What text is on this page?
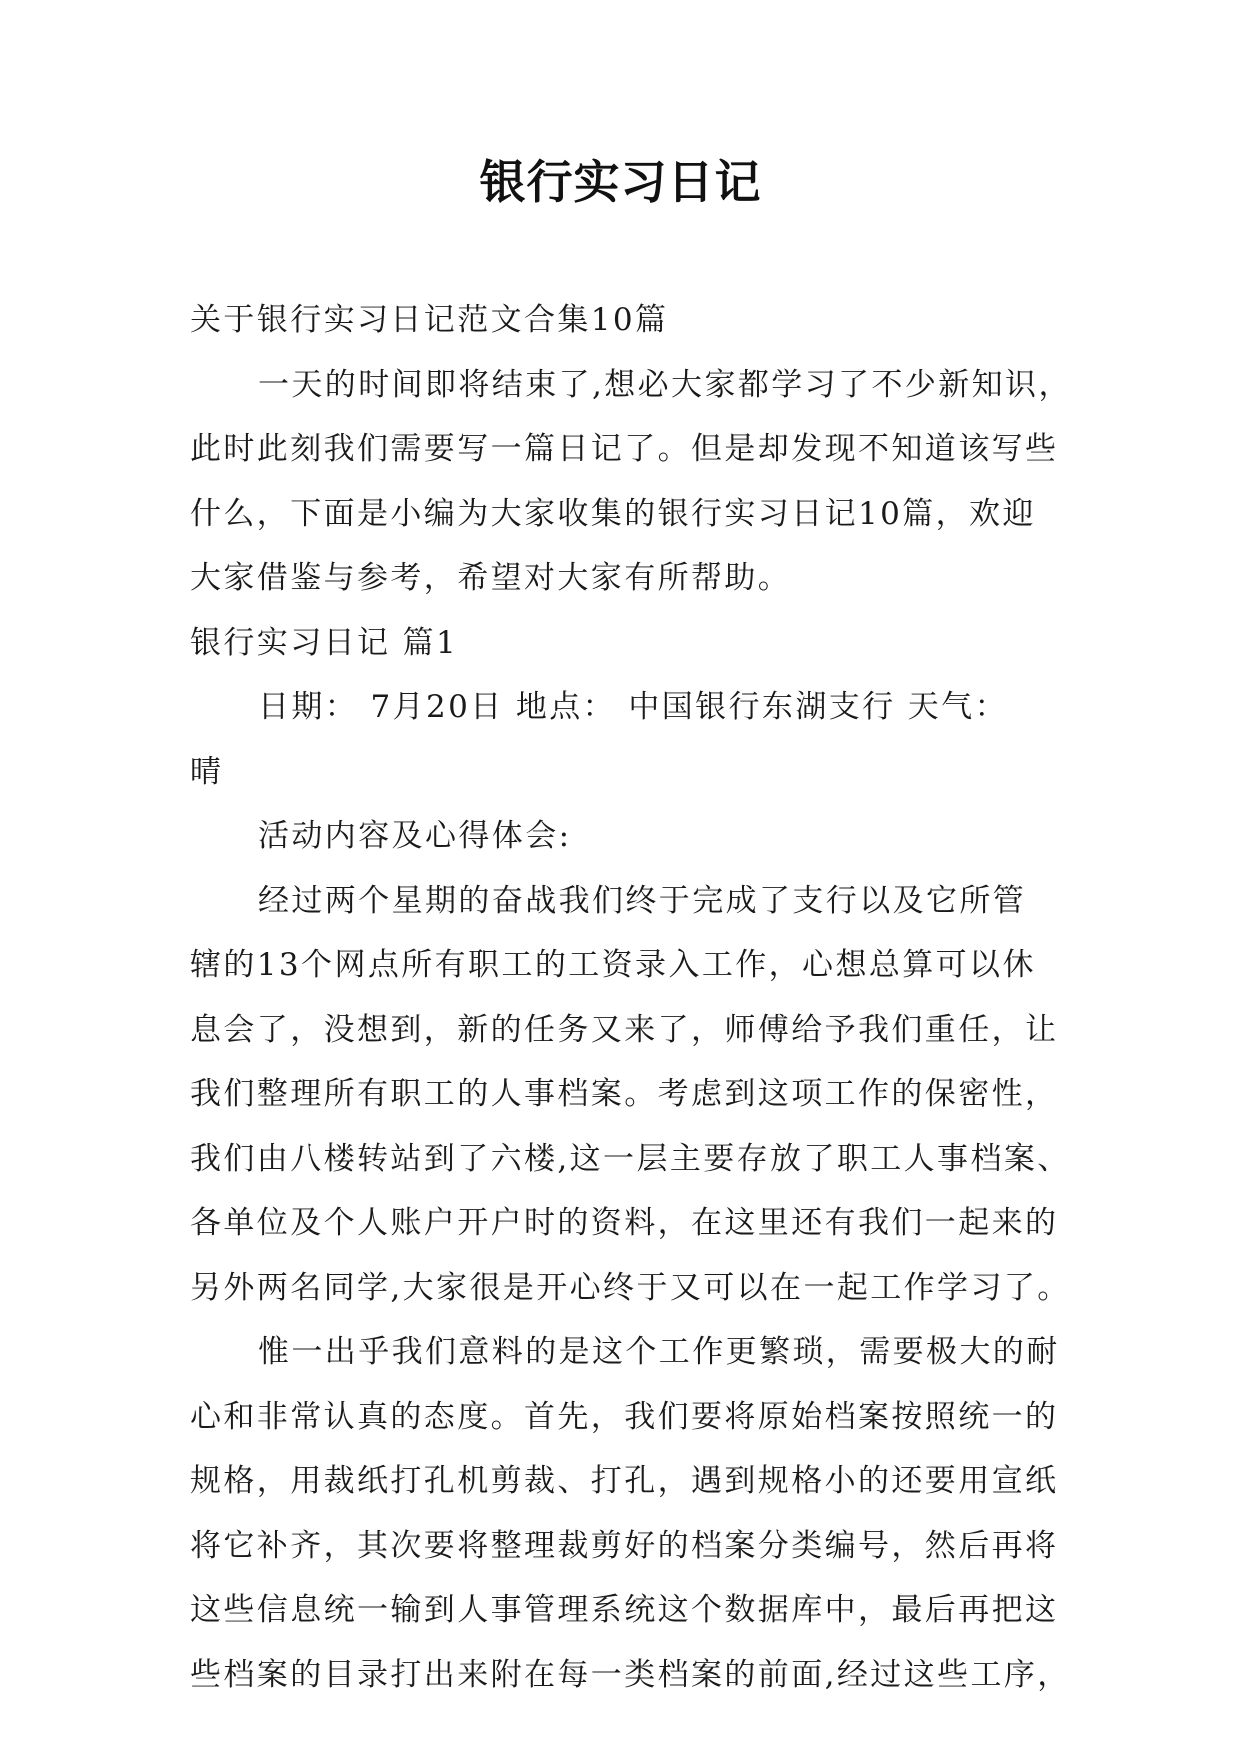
银行实习日记
关于银行实习日记范文合集10篇
一天的时间即将结束了,想必大家都学习了不少新知识，
此时此刻我们需要写一篇日记了。但是却发现不知道该写些
什么，下面是小编为大家收集的银行实习日记10篇，欢迎
大家借鉴与参考，希望对大家有所帮助。
银行实习日记 篇1
日期： 7月20日 地点： 中国银行东湖支行 天气：
晴
活动内容及心得体会:
经过两个星期的奋战我们终于完成了支行以及它所管
辖的13个网点所有职工的工资录入工作，心想总算可以休
息会了，没想到，新的任务又来了，师傅给予我们重任，让
我们整理所有职工的人事档案。考虑到这项工作的保密性，
我们由八楼转站到了六楼,这一层主要存放了职工人事档案、
各单位及个人账户开户时的资料，在这里还有我们一起来的
另外两名同学,大家很是开心终于又可以在一起工作学习了。
惟一出乎我们意料的是这个工作更繁琐，需要极大的耐
心和非常认真的态度。首先，我们要将原始档案按照统一的
规格，用裁纸打孔机剪裁、打孔，遇到规格小的还要用宣纸
将它补齐，其次要将整理裁剪好的档案分类编号，然后再将
这些信息统一输到人事管理系统这个数据库中，最后再把这
些档案的目录打出来附在每一类档案的前面,经过这些工序，
